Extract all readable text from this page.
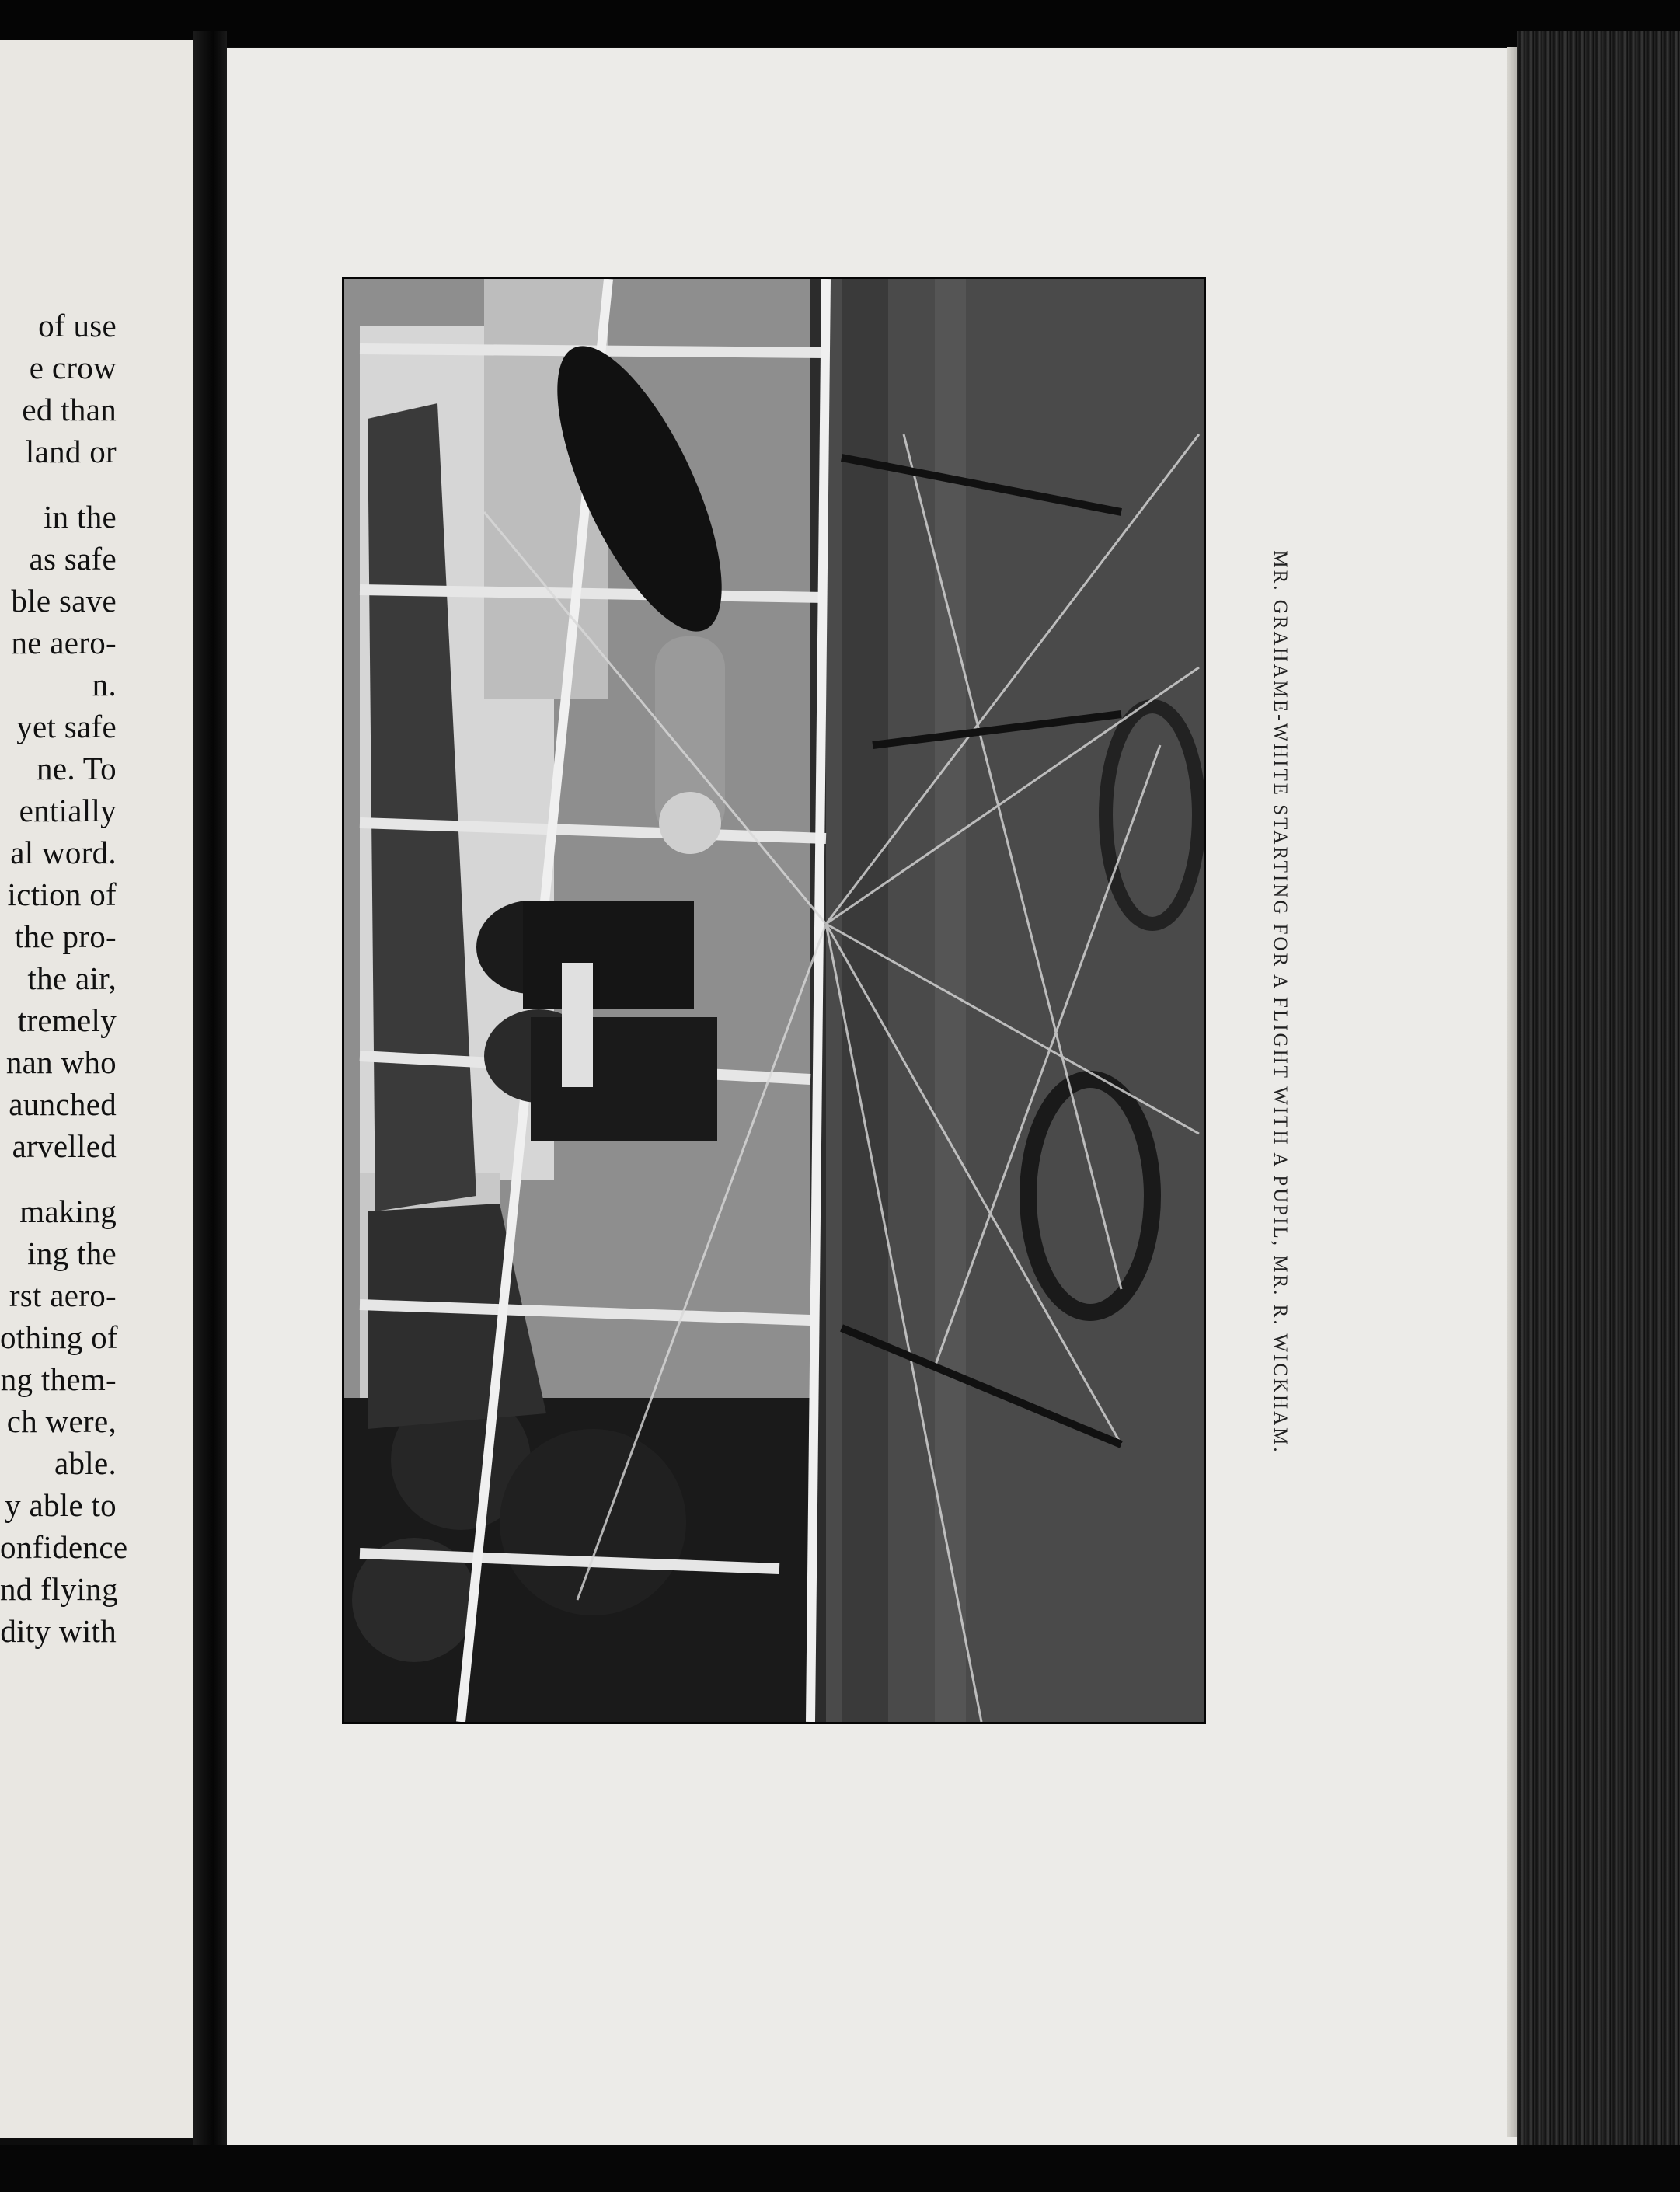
of use
e crow
ed than
land or
in the
as safe
ble save
ne aero-
n.
yet safe
ne. To
entially
al word.
iction of
the pro-
the air,
tremely
nan who
aunched
arvelled
making
ing the
rst aero-
othing of
ng them-
ch were,
able.
y able to
onfidence
nd flying
dity with
MR. GRAHAME-WHITE STARTING FOR A FLIGHT WITH A PUPIL, MR. R. WICKHAM.
